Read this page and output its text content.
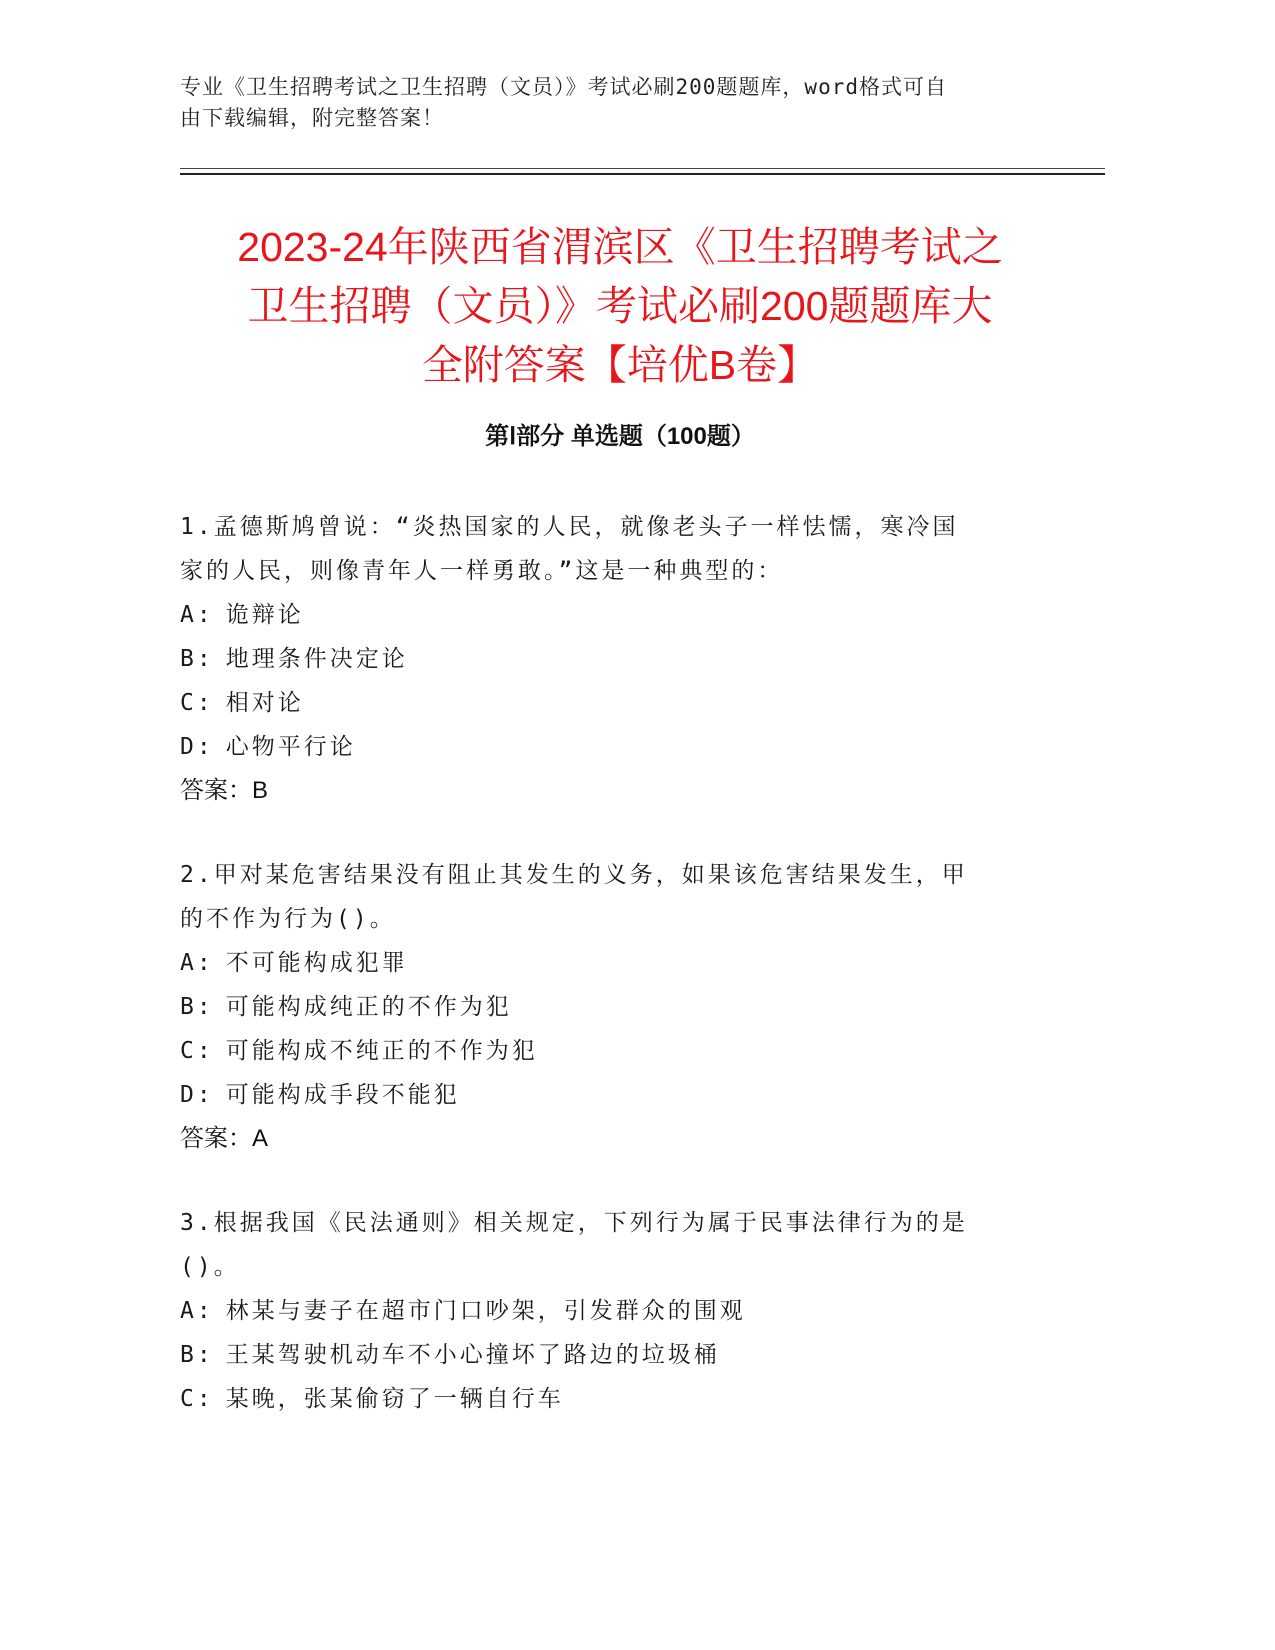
专业《卫生招聘考试之卫生招聘（文员）》考试必刷200题题库，word格式可自
由下载编辑，附完整答案！
2023-24年陕西省渭滨区《卫生招聘考试之
卫生招聘（文员）》考试必刷200题题库大
全附答案【培优B卷】
第Ⅰ部分 单选题（100题）

1.孟德斯鸠曾说：“炎热国家的人民，就像老头子一样怯懦，寒冷国
家的人民，则像青年人一样勇敢。”这是一种典型的：

A: 诡辩论
B: 地理条件决定论
C: 相对论
D: 心物平行论
答案：B

2.甲对某危害结果没有阻止其发生的义务，如果该危害结果发生，甲
的不作为行为()。

A: 不可能构成犯罪
B: 可能构成纯正的不作为犯
C: 可能构成不纯正的不作为犯
D: 可能构成手段不能犯
答案：A

3.根据我国《民法通则》相关规定，下列行为属于民事法律行为的是
()。

A: 林某与妻子在超市门口吵架，引发群众的围观
B: 王某驾驶机动车不小心撞坏了路边的垃圾桶
C: 某晚，张某偷窃了一辆自行车
